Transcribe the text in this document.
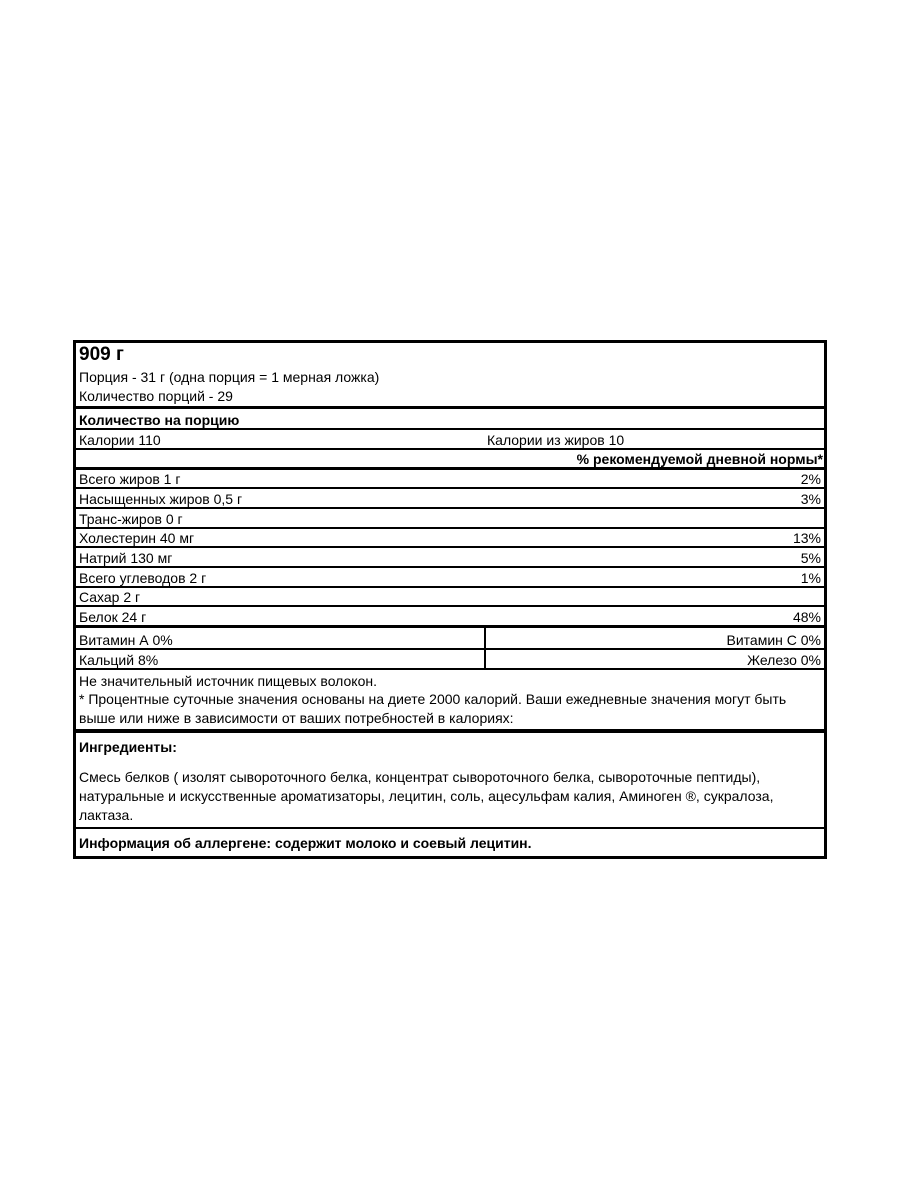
909 г
Порция - 31 г (одна порция = 1 мерная ложка)
Количество порций - 29
Количество на порцию
Калории 110	Калории из жиров 10
% рекомендуемой дневной нормы*
Всего жиров 1 г	2%
Насыщенных жиров 0,5 г	3%
Транс-жиров 0 г
Холестерин 40 мг	13%
Натрий 130 мг	5%
Всего углеводов 2 г	1%
Сахар 2 г
Белок 24 г	48%
Витамин А 0%	Витамин С 0%
Кальций 8%	Железо 0%
Не значительный источник пищевых волокон.
* Процентные суточные значения основаны на диете 2000 калорий. Ваши ежедневные значения могут быть выше или ниже в зависимости от ваших потребностей в калориях:
Ингредиенты:
Смесь белков ( изолят сывороточного белка, концентрат сывороточного белка, сывороточные пептиды), натуральные и искусственные ароматизаторы, лецитин, соль, ацесульфам калия, Аминоген ®, сукралоза, лактаза.
Информация об аллергене: содержит молоко и соевый лецитин.
